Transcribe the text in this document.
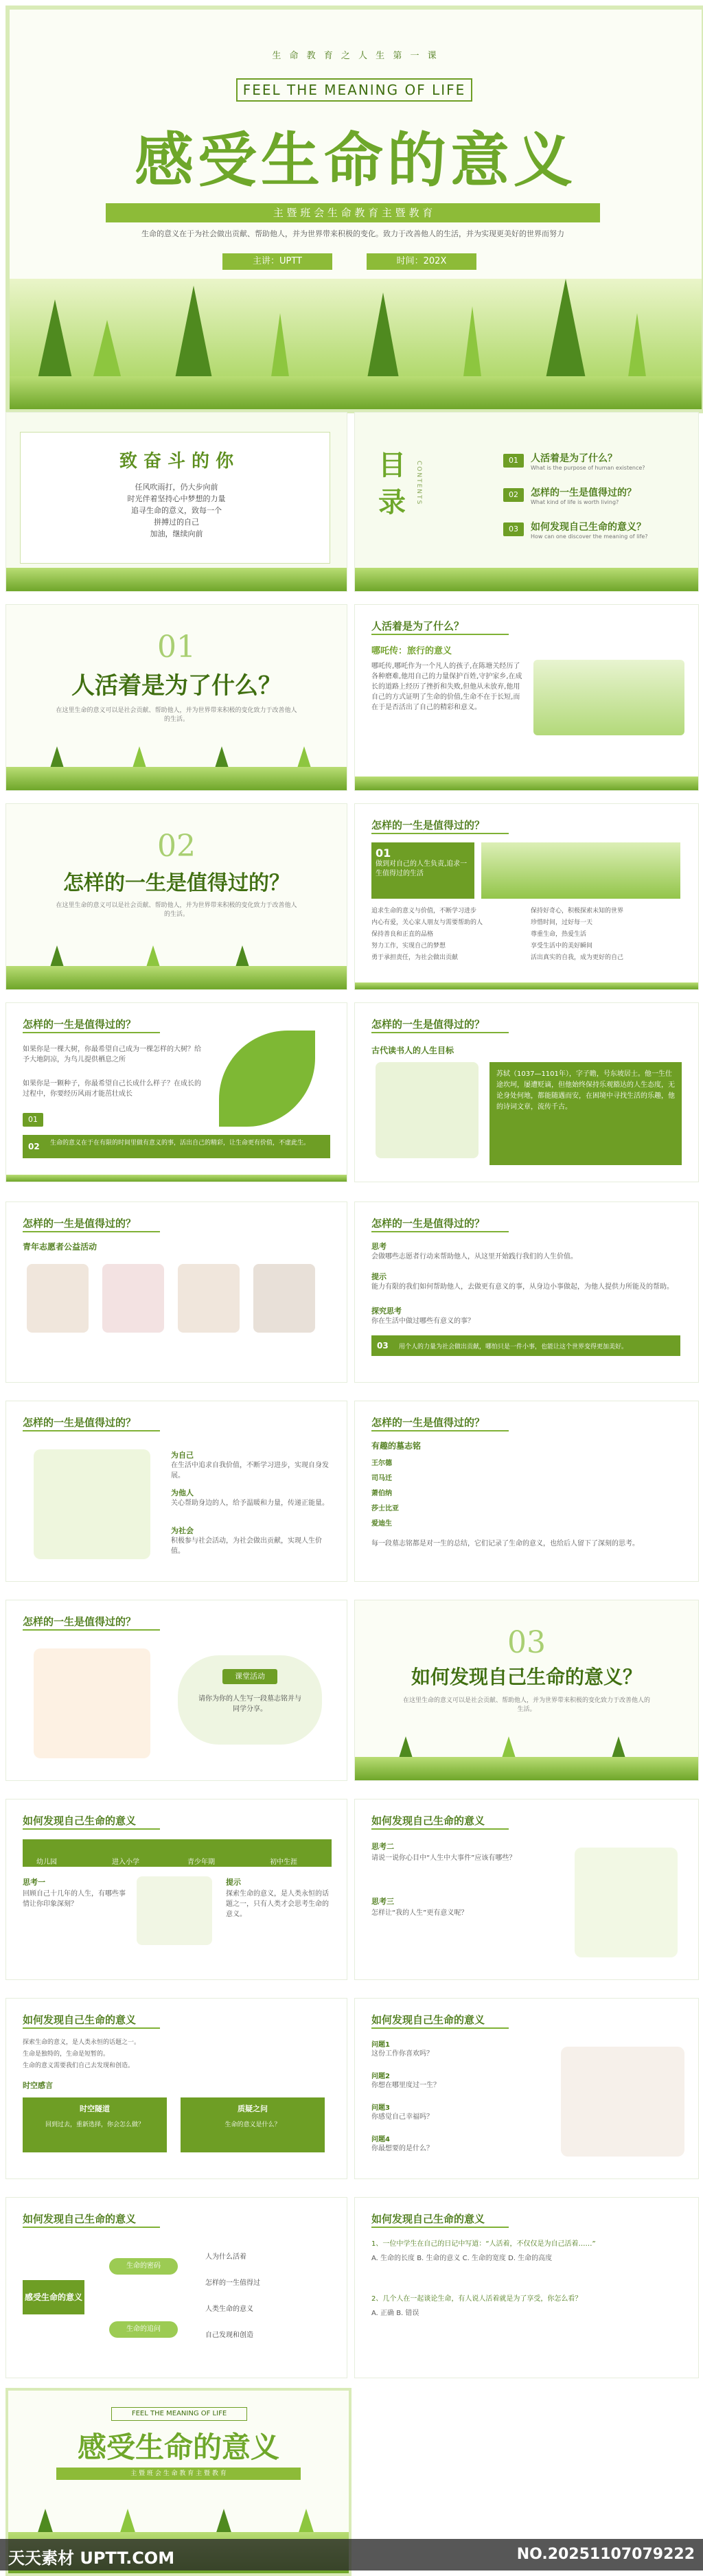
生 命 教 育 之 人 生 第 一 课
FEEL THE MEANING OF LIFE
感受生命的意义
主 暨 班 会 生 命 教 育 主 暨 教 育
生命的意义在于为社会做出贡献、帮助他人，并为世界带来积极的变化。致力于改善他人的生活，并为实现更美好的世界而努力
主讲：UPTT	时间：202X
致 奋 斗 的 你
任风吹雨打，仍大步向前
时光伴着坚持心中梦想的力量
追寻生命的意义，致每一个
拼搏过的自己
加油，继续向前
目录	CONTENTS
01	人活着是为了什么？
What is the purpose of human existence?
02	怎样的一生是值得过的？
What kind of life is worth living?
03	如何发现自己生命的意义？
How can one discover the meaning of life?
01
人活着是为了什么？
在这里生命的意义可以是社会贡献、帮助他人，并为世界带来积极的变化致力于改善他人的生活。
人活着是为了什么？
哪吒传：旅行的意义
哪吒传,哪吒作为一个凡人的孩子,在陈塘关经历了各种磨难,他用自己的力量保护百姓,守护家乡,在成长的道路上经历了挫折和失败,但他从未放弃,他用自己的方式证明了生命的价值,生命不在于长短,而在于是否活出了自己的精彩和意义。
02
怎样的一生是值得过的？
在这里生命的意义可以是社会贡献、帮助他人，并为世界带来积极的变化致力于改善他人的生活。
怎样的一生是值得过的？
01
做到对自己的人生负责,追求一生值得过的生活
追求生命的意义与价值，不断学习进步
内心有爱，关心家人朋友与需要帮助的人
保持善良和正直的品格
努力工作，实现自己的梦想
勇于承担责任，为社会做出贡献
保持好奇心，积极探索未知的世界
珍惜时间，过好每一天
尊重生命，热爱生活
享受生活中的美好瞬间
活出真实的自我，成为更好的自己
怎样的一生是值得过的？
如果你是一棵大树，你最希望自己成为一棵怎样的大树？给予大地阴凉，为鸟儿提供栖息之所
如果你是一颗种子，你最希望自己长成什么样子？在成长的过程中，你要经历风雨才能茁壮成长
01
02 生命的意义在于在有限的时间里做有意义的事，活出自己的精彩，让生命更有价值，不虚此生。
怎样的一生是值得过的？
古代读书人的人生目标
苏轼（1037—1101年），字子瞻，号东坡居士。他一生仕途坎坷，屡遭贬谪，但他始终保持乐观豁达的人生态度，无论身处何地，都能随遇而安，在困境中寻找生活的乐趣，他的诗词文章，流传千古。
怎样的一生是值得过的？
青年志愿者公益活动
怎样的一生是值得过的？
思考
会做哪些志愿者行动来帮助他人，从这里开始践行我们的人生价值。
提示
能力有限的我们如何帮助他人，去做更有意义的事，从身边小事做起，为他人提供力所能及的帮助。
探究思考
你在生活中做过哪些有意义的事？
03 用个人的力量为社会做出贡献，哪怕只是一件小事，也能让这个世界变得更加美好。
怎样的一生是值得过的？
为自己
在生活中追求自我价值，不断学习进步，实现自身发展。
为他人
关心帮助身边的人，给予温暖和力量，传递正能量。
为社会
积极参与社会活动，为社会做出贡献，实现人生价值。
怎样的一生是值得过的？
有趣的墓志铭
王尔德
司马迁
萧伯纳
莎士比亚
爱迪生
每一段墓志铭都是对一生的总结，它们记录了生命的意义，也给后人留下了深刻的思考。
怎样的一生是值得过的？
课堂活动
请你为你的人生写一段墓志铭并与同学分享。
03
如何发现自己生命的意义？
在这里生命的意义可以是社会贡献、帮助他人，并为世界带来积极的变化致力于改善他人的生活。
如何发现自己生命的意义
幼儿园	进入小学	青少年期	初中生涯
思考一
回顾自己十几年的人生，有哪些事情让你印象深刻？
提示
探索生命的意义，是人类永恒的话题之一，只有人类才会思考生命的意义。
如何发现自己生命的意义
思考二
请说一说你心目中“人生中大事件”应该有哪些？
思考三
怎样让“我的人生”更有意义呢？
如何发现自己生命的意义
探索生命的意义，是人类永恒的话题之一。
生命是独特的，生命是短暂的。
生命的意义需要我们自己去发现和创造。
时空感言
时空隧道
回到过去，重新选择，你会怎么做？
质疑之问
生命的意义是什么？
如何发现自己生命的意义
问题1
这份工作你喜欢吗？
问题2
你想在哪里度过一生？
问题3
你感觉自己幸福吗？
问题4
你最想要的是什么？
如何发现自己生命的意义
感受生命的意义
生命的密码
生命的追问
人为什么活着
怎样的一生值得过
人类生命的意义
自己发现和创造
如何发现自己生命的意义
1、一位中学生在自己的日记中写道：“人活着，不仅仅是为自己活着……”
A. 生命的长度 B. 生命的意义 C. 生命的宽度 D. 生命的高度
2、几个人在一起谈论生命，有人说人活着就是为了享受，你怎么看？
A. 正确 B. 错误
FEEL THE MEANING OF LIFE
感受生命的意义
主 暨 班 会 生 命 教 育 主 暨 教 育
天天素材 UPTT.COM	NO.20251107079222
